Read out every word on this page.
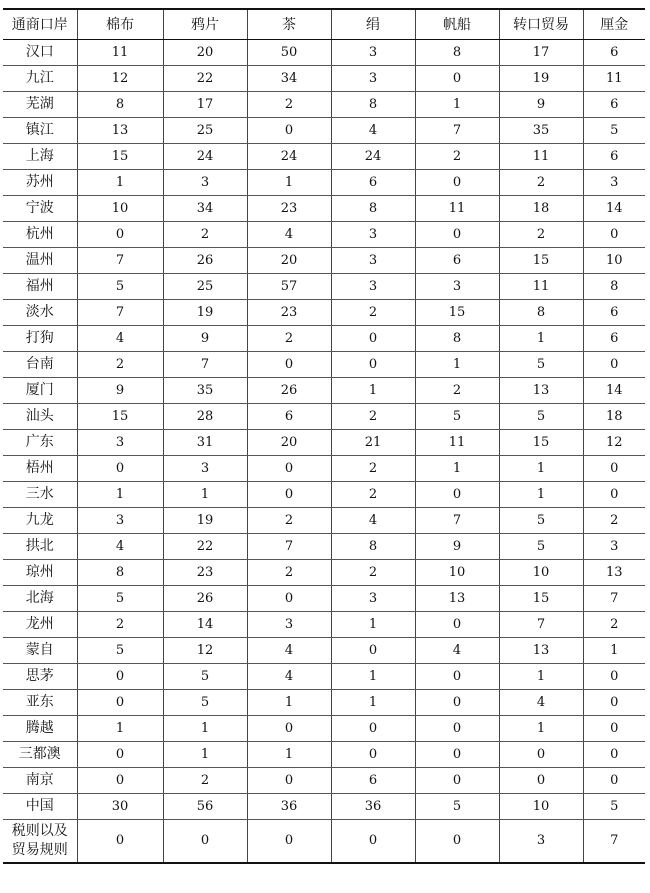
通商口岸	棉布	鸦片	茶	绢	帆船	转口贸易	厘金
汉口	11	20	50	3	8	17	6
九江	12	22	34	3	0	19	11
芜湖	8	17	2	8	1	9	6
镇江	13	25	0	4	7	35	5
上海	15	24	24	24	2	11	6
苏州	1	3	1	6	0	2	3
宁波	10	34	23	8	11	18	14
杭州	0	2	4	3	0	2	0
温州	7	26	20	3	6	15	10
福州	5	25	57	3	3	11	8
淡水	7	19	23	2	15	8	6
打狗	4	9	2	0	8	1	6
台南	2	7	0	0	1	5	0
厦门	9	35	26	1	2	13	14
汕头	15	28	6	2	5	5	18
广东	3	31	20	21	11	15	12
梧州	0	3	0	2	1	1	0
三水	1	1	0	2	0	1	0
九龙	3	19	2	4	7	5	2
拱北	4	22	7	8	9	5	3
琼州	8	23	2	2	10	10	13
北海	5	26	0	3	13	15	7
龙州	2	14	3	1	0	7	2
蒙自	5	12	4	0	4	13	1
思茅	0	5	4	1	0	1	0
亚东	0	5	1	1	0	4	0
腾越	1	1	0	0	0	1	0
三都澳	0	1	1	0	0	0	0
南京	0	2	0	6	0	0	0
中国	30	56	36	36	5	10	5

税则以及
贸易规则	0	0	0	0	0	3	7
